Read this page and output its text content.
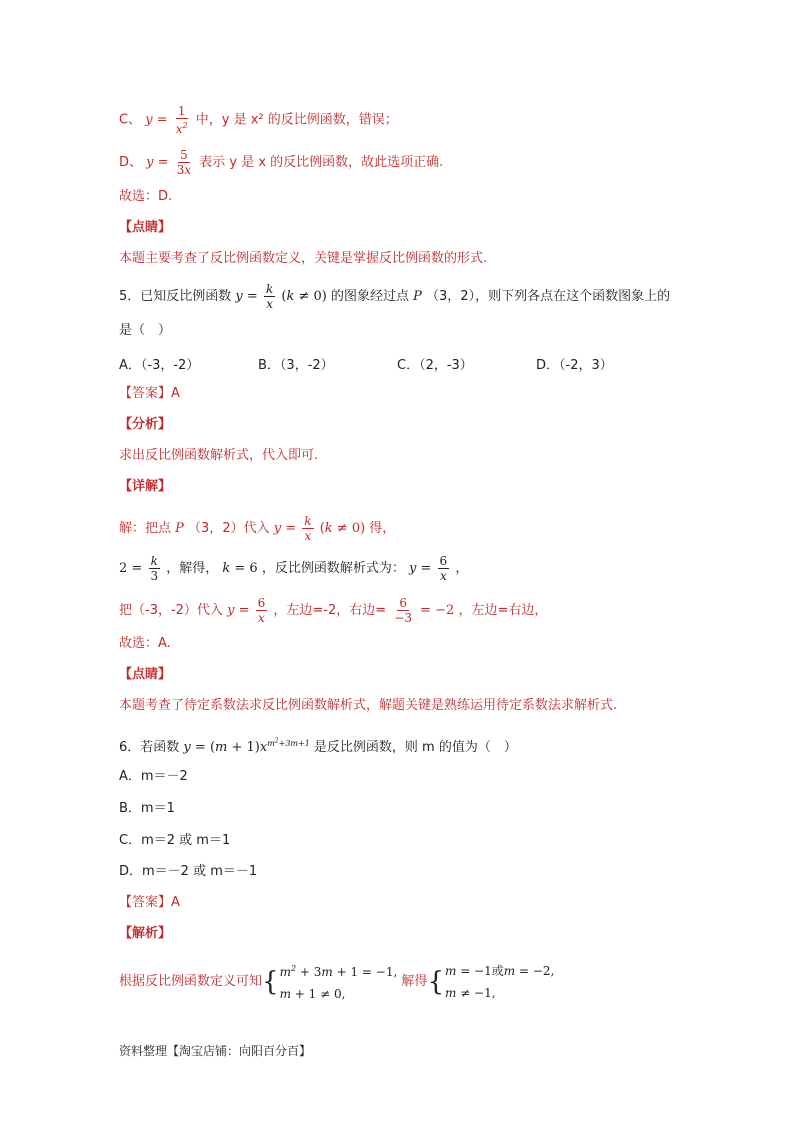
C、 $y = \frac{1}{x^2}$ 中，y 是 x² 的反比例函数，错误；
D、 $y = \frac{5}{3x}$ 表示 y 是 x 的反比例函数，故此选项正确.
故选：D.
【点睛】
本题主要考查了反比例函数定义，关键是掌握反比例函数的形式.
5．已知反比例函数 $y = \frac{k}{x} (k \ne 0)$ 的图象经过点 P （3，2），则下列各点在这个函数图象上的
是（　）
A．（-3，-2）	B．（3，-2）	C．（2，-3）	D．（-2，3）
【答案】A
【分析】
求出反比例函数解析式，代入即可.
【详解】
解：把点 P （3，2）代入 $y = \frac{k}{x} (k \ne 0)$ 得，
$2 = \frac{k}{3}$ ，解得， k = 6 ，反比例函数解析式为： $y = \frac{6}{x}$ ，
把（-3，-2）代入 $y = \frac{6}{x}$ ，左边=-2，右边= $\frac{6}{-3} = -2$ ，左边=右边，
故选：A.
【点睛】
本题考查了待定系数法求反比例函数解析式，解题关键是熟练运用待定系数法求解析式.
6．若函数 $y = (m + 1)x^{m^2+3m+1}$ 是反比例函数，则 m 的值为（　）
A．m＝－2
B．m＝1
C．m＝2 或 m＝1
D．m＝－2 或 m＝－1
【答案】A
【解析】
根据反比例函数定义可知 { $m^2 + 3m + 1 = -1$,
m + 1 ≠ 0,
解得 { m = −1或m = −2,
m ≠ −1,
资料整理【淘宝店铺：向阳百分百】
